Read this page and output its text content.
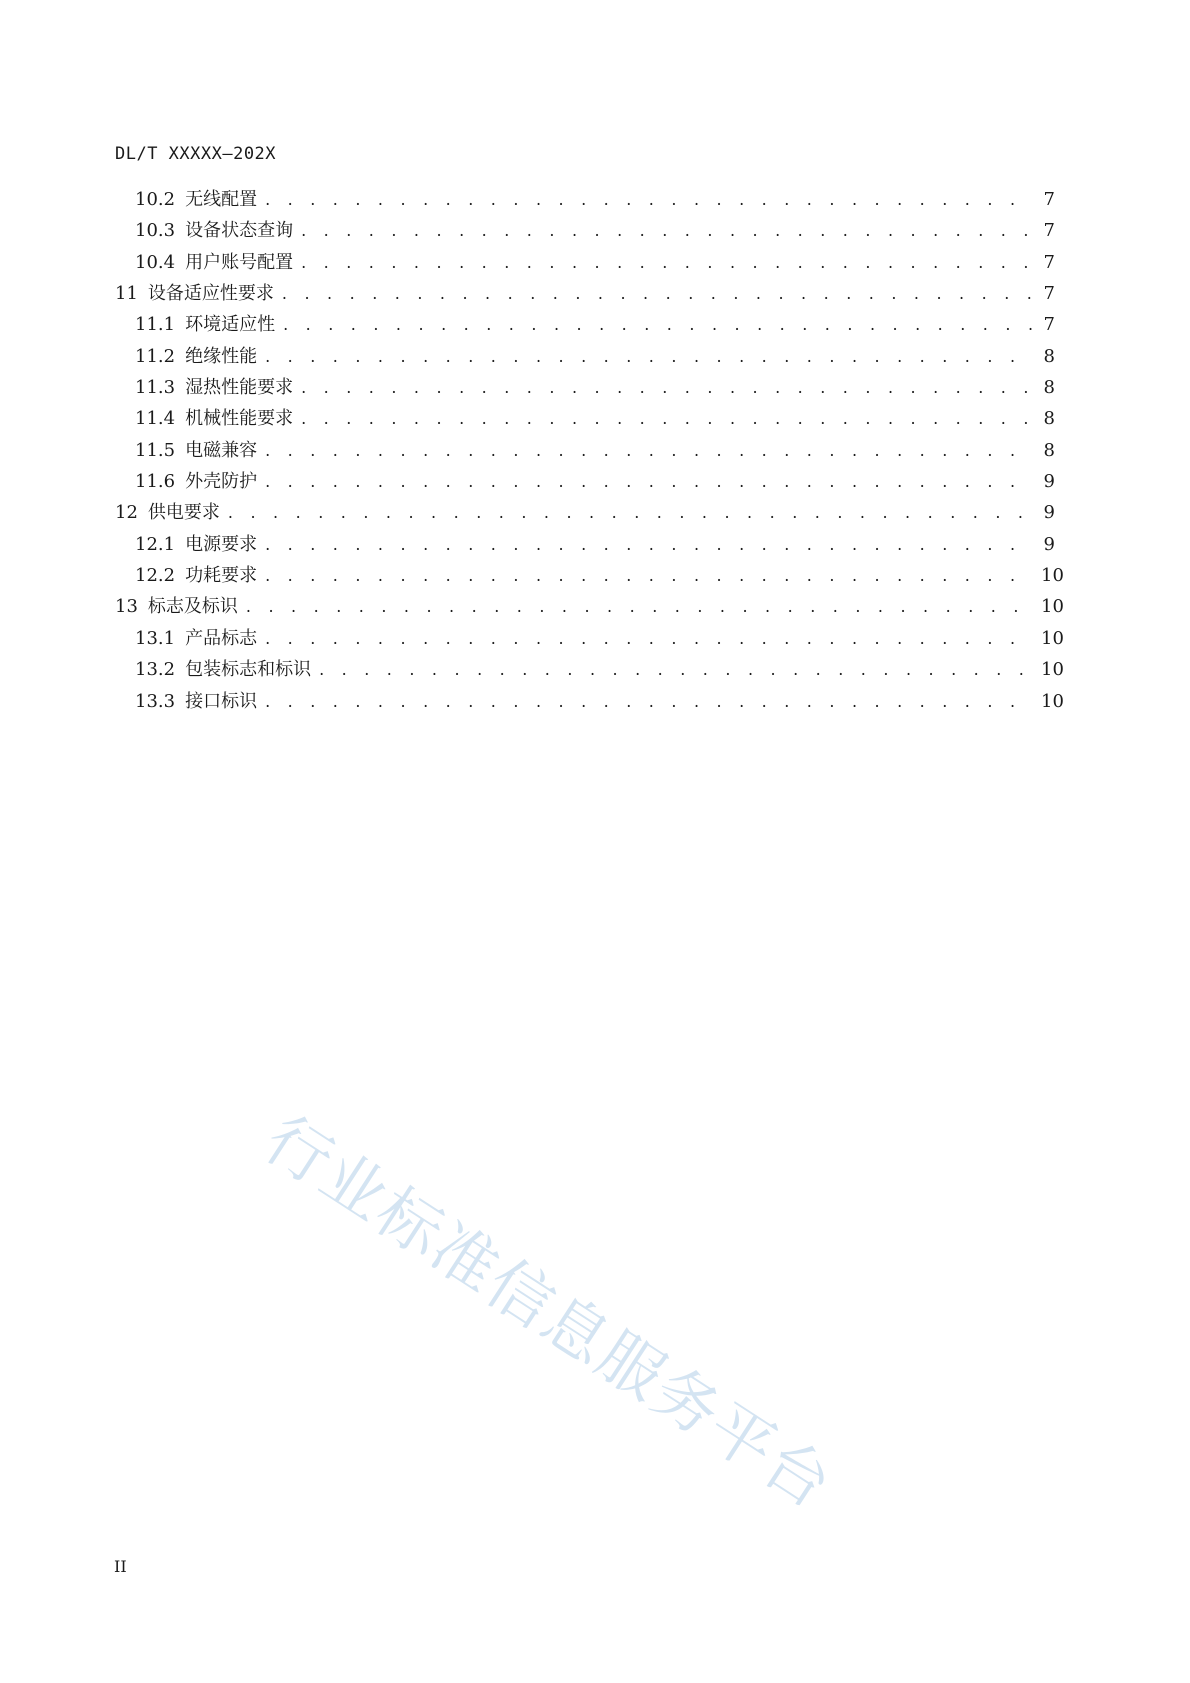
DL/T XXXXX—202X
10.2 无线配置 . . .	7
10.3 设备状态查询 . . .	7
10.4 用户账号配置 . . .	7
11 设备适应性要求 . . .	7
11.1 环境适应性 . . .	7
11.2 绝缘性能 . . .	8
11.3 湿热性能要求 . . .	8
11.4 机械性能要求 . . .	8
11.5 电磁兼容 . . .	8
11.6 外壳防护 . . .	9
12 供电要求 . . .	9
12.1 电源要求 . . .	9
12.2 功耗要求 . . .	10
13 标志及标识 . . .	10
13.1 产品标志 . . .	10
13.2 包装标志和标识 . . .	10
13.3 接口标识 . . .	10
行业标准信息服务平台
II
